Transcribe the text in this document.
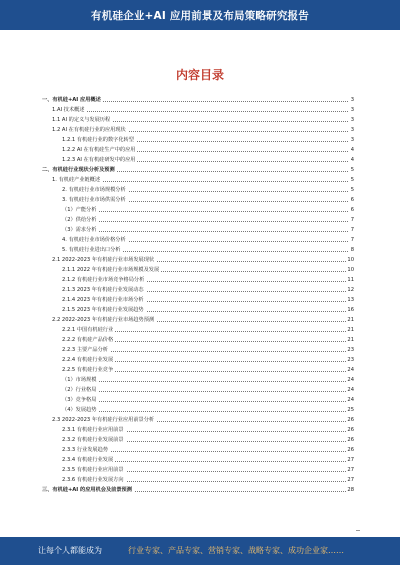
有机硅企业+AI 应用前景及布局策略研究报告
内容目录
一、有机硅+AI 应用概述	3
1.AI 技术概述	3
1.1 AI 的定义与发展历程	3
1.2 AI 在有机硅行业的应用现状	3
1.2.1 有机硅行业的数字化转型	3
1.2.2 AI 在有机硅生产中的应用	4
1.2.3 AI 在有机硅研发中的应用	4
二、有机硅行业现状分析及预测	5
1. 有机硅产业链概述	5
2. 有机硅行业市场规模分析	5
3. 有机硅行业市场供需分析	6
（1）产能分析	6
（2）供给分析	7
（3）需求分析	7
4. 有机硅行业市场价格分析	7
5. 有机硅行业进出口分析	8
2.1 2022-2023 年有机硅行业市场发展现状	10
2.1.1 2022 年有机硅行业市场规模及发展	10
2.1.2 有机硅行业市场竞争格局分析	11
2.1.3 2023 年有机硅行业发展动态	12
2.1.4 2023 年有机硅行业市场分析	13
2.1.5 2023 年有机硅行业发展趋势	16
2.2 2022-2023 年有机硅行业市场趋势预测	21
2.2.1 中国有机硅行业	21
2.2.2 有机硅产品价格	21
2.2.3 主要产品分析	23
2.2.4 有机硅行业发展	23
2.2.5 有机硅行业竞争	24
（1）市场规模	24
（2）行业格局	24
（3）竞争格局	24
（4）发展趋势	25
2.3 2022-2023 年有机硅行业应用前景分析	26
2.3.1 有机硅行业应用前景	26
2.3.2 有机硅行业发展前景	26
2.3.3 行业发展趋势	26
2.3.4 有机硅行业发展	27
2.3.5 有机硅行业应用前景	27
2.3.6 有机硅行业发展方向	27
三、有机硅+AI 的应用机会及前景预测	28
让每个人都能成为	行业专家、产品专家、营销专家、战略专家、成功企业家……
